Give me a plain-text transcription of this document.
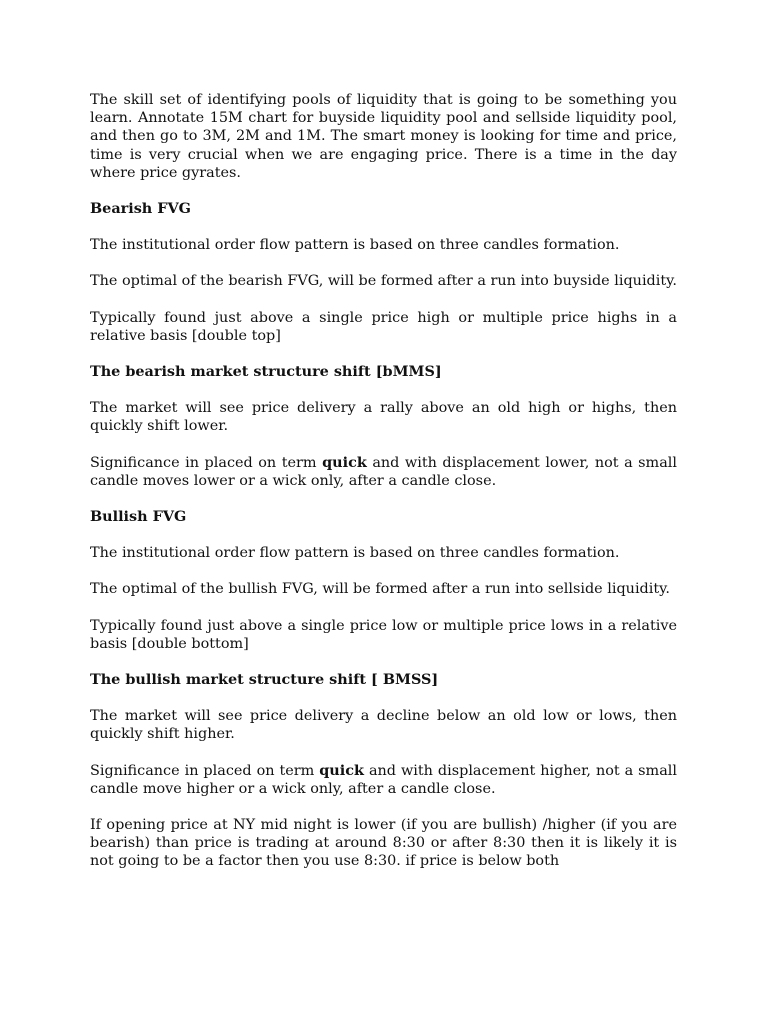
The skill set of identifying pools of liquidity that is going to be something you learn. Annotate 15M chart for buyside liquidity pool and sellside liquidity pool, and then go to 3M, 2M and 1M. The smart money is looking for time and price, time is very crucial when we are engaging price. There is a time in the day where price gyrates.

Bearish FVG

The institutional order flow pattern is based on three candles formation.

The optimal of the bearish FVG, will be formed after a run into buyside liquidity.

Typically found just above a single price high or multiple price highs in a relative basis [double top]

The bearish market structure shift [bMMS]

The market will see price delivery a rally above an old high or highs, then quickly shift lower.

Significance in placed on term quick and with displacement lower, not a small candle moves lower or a wick only, after a candle close.

Bullish FVG

The institutional order flow pattern is based on three candles formation.

The optimal of the bullish FVG, will be formed after a run into sellside liquidity.

Typically found just above a single price low or multiple price lows in a relative basis [double bottom]

The bullish market structure shift [ BMSS]

The market will see price delivery a decline below an old low or lows, then quickly shift higher.

Significance in placed on term quick and with displacement higher, not a small candle move higher or a wick only, after a candle close.

If opening price at NY mid night is lower (if you are bullish) /higher (if you are bearish) than price is trading at around 8:30 or after 8:30 then it is likely it is not going to be a factor then you use 8:30. if price is below both
